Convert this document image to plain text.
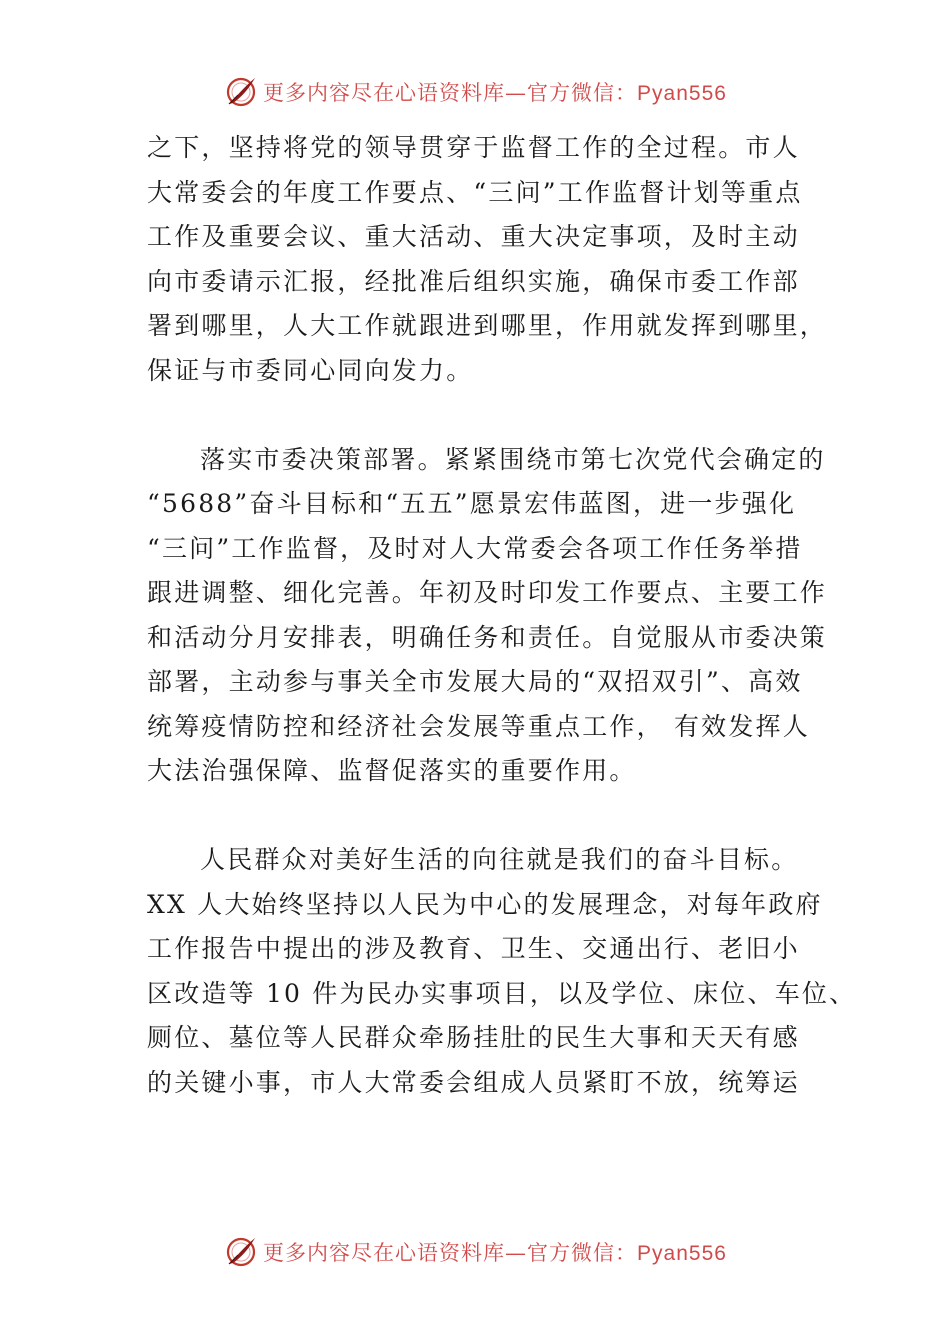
更多内容尽在心语资料库—官方微信：Pyan556
之下，坚持将党的领导贯穿于监督工作的全过程。市人
大常委会的年度工作要点、“三问”工作监督计划等重点
工作及重要会议、重大活动、重大决定事项，及时主动
向市委请示汇报，经批准后组织实施，确保市委工作部
署到哪里，人大工作就跟进到哪里，作用就发挥到哪里，
保证与市委同心同向发力。
落实市委决策部署。紧紧围绕市第七次党代会确定的
“5688”奋斗目标和“五五”愿景宏伟蓝图，进一步强化
“三问”工作监督，及时对人大常委会各项工作任务举措
跟进调整、细化完善。年初及时印发工作要点、主要工作
和活动分月安排表，明确任务和责任。自觉服从市委决策
部署，主动参与事关全市发展大局的“双招双引”、高效
统筹疫情防控和经济社会发展等重点工作， 有效发挥人
大法治强保障、监督促落实的重要作用。
人民群众对美好生活的向往就是我们的奋斗目标。
XX 人大始终坚持以人民为中心的发展理念，对每年政府
工作报告中提出的涉及教育、卫生、交通出行、老旧小
区改造等 10 件为民办实事项目，以及学位、床位、车位、
厕位、墓位等人民群众牵肠挂肚的民生大事和天天有感
的关键小事，市人大常委会组成人员紧盯不放，统筹运
更多内容尽在心语资料库—官方微信：Pyan556
